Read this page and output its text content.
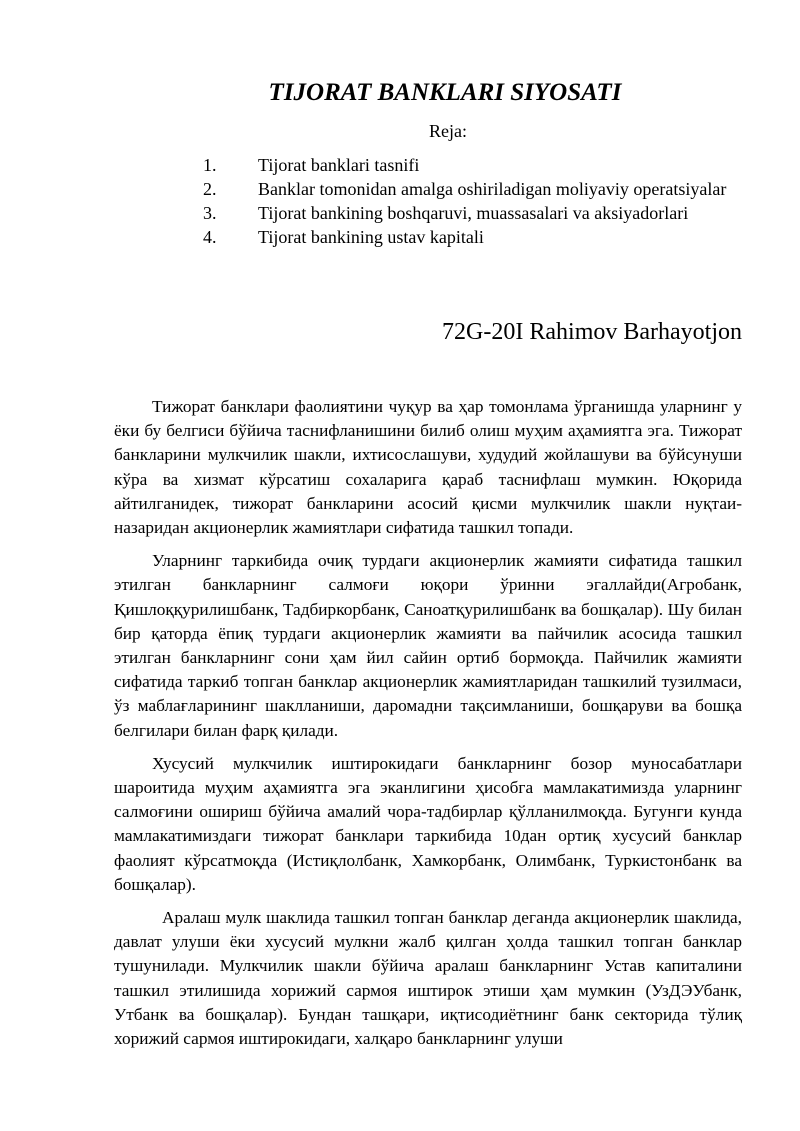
TIJORAT BANKLARI SIYOSATI
Reja:
1. Tijorat banklari tasnifi
2. Banklar tomonidan amalga oshiriladigan moliyaviy operatsiyalar
3. Tijorat bankining boshqaruvi, muassasalari va aksiyadorlari
4. Tijorat bankining ustav kapitali
72G-20I Rahimov Barhayotjon

Тижорат банклари фаолиятини чуқур ва ҳар томонлама ўрганишда уларнинг у ёки бу белгиси бўйича таснифланишини билиб олиш муҳим аҳамиятга эга. Тижорат банкларини мулкчилик шакли, ихтисослашуви, худудий жойлашуви ва бўйсунуши кўра ва хизмат кўрсатиш сохаларига қараб таснифлаш мумкин. Юқорида айтилганидек, тижорат банкларини асосий қисми мулкчилик шакли нуқтаи-назаридан акционерлик жамиятлари сифатида ташкил топади.

Уларнинг таркибида очиқ турдаги акционерлик жамияти сифатида ташкил этилган банкларнинг салмоғи юқори ўринни эгаллайди(Агробанк, Қишлоққурилишбанк, Тадбиркорбанк, Саноатқурилишбанк ва бошқалар). Шу билан бир қаторда ёпиқ турдаги акционерлик жамияти ва пайчилик асосида ташкил этилган банкларнинг сони ҳам йил сайин ортиб бормоқда. Пайчилик жамияти сифатида таркиб топган банклар акционерлик жамиятларидан ташкилий тузилмаси, ўз маблағларининг шаклланиши, даромадни тақсимланиши, бошқаруви ва бошқа белгилари билан фарқ қилади.

Хусусий мулкчилик иштирокидаги банкларнинг бозор муносабатлари шароитида муҳим аҳамиятга эга эканлигини ҳисобга мамлакатимизда уларнинг салмоғини ошириш бўйича амалий чора-тадбирлар қўлланилмоқда. Бугунги кунда мамлакатимиздаги тижорат банклари таркибида 10дан ортиқ хусусий банклар фаолият кўрсатмоқда (Истиқлолбанк, Хамкорбанк, Олимбанк, Туркистонбанк ва бошқалар).

Аралаш мулк шаклида ташкил топган банклар деганда акционерлик шаклида, давлат улуши ёки хусусий мулкни жалб қилган ҳолда ташкил топган банклар тушунилади. Мулкчилик шакли бўйича аралаш банкларнинг Устав капиталини ташкил этилишида хорижий сармоя иштирок этиши ҳам мумкин (УзДЭУбанк, Утбанк ва бошқалар). Бундан ташқари, иқтисодиётнинг банк секторида тўлиқ хорижий сармоя иштирокидаги, халқаро банкларнинг улуши
